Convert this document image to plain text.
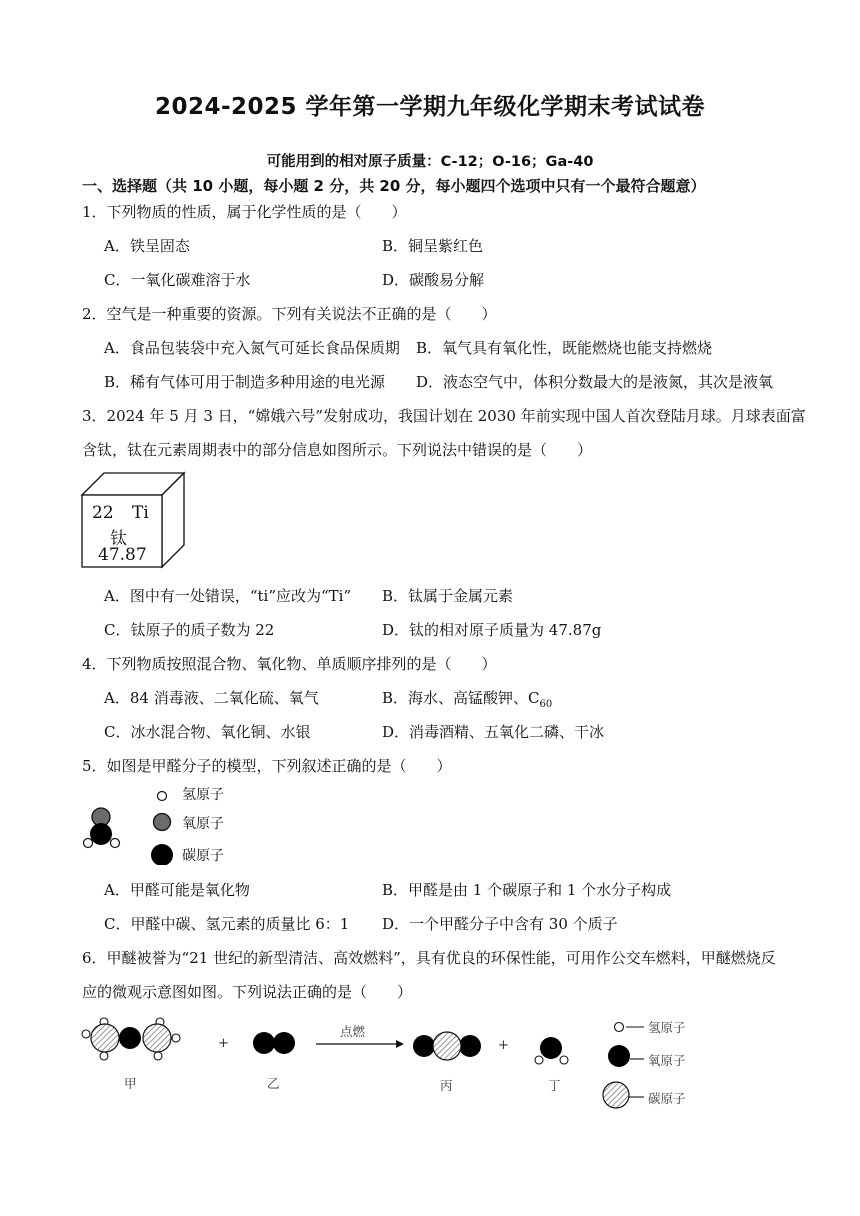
2024-2025 学年第一学期九年级化学期末考试试卷
可能用到的相对原子质量：C-12；O-16；Ga-40
一、选择题（共 10 小题，每小题 2 分，共 20 分，每小题四个选项中只有一个最符合题意）
1．下列物质的性质，属于化学性质的是（　　）
A．铁呈固态	B．铜呈紫红色
C．一氧化碳难溶于水	D．碳酸易分解
2．空气是一种重要的资源。下列有关说法不正确的是（　　）
A．食品包装袋中充入氮气可延长食品保质期 B．氧气具有氧化性，既能燃烧也能支持燃烧
B．稀有气体可用于制造多种用途的电光源 D．液态空气中，体积分数最大的是液氮，其次是液氧
3．2024 年 5 月 3 日，“嫦娥六号”发射成功，我国计划在 2030 年前实现中国人首次登陆月球。月球表面富
含钛，钛在元素周期表中的部分信息如图所示。下列说法中错误的是（　　）
22 Ti
钛
47.87
A．图中有一处错误，“ti”应改为“Ti” B．钛属于金属元素
C．钛原子的质子数为 22	D．钛的相对原子质量为 47.87g
4．下列物质按照混合物、氧化物、单质顺序排列的是（　　）
A．84 消毒液、二氧化硫、氧气	B．海水、高锰酸钾、$C_{60}$
C．冰水混合物、氧化铜、水银	D．消毒酒精、五氧化二磷、干冰
5．如图是甲醛分子的模型，下列叙述正确的是（　　）
氢原子
氧原子
碳原子
A．甲醛可能是氧化物	B．甲醛是由 1 个碳原子和 1 个水分子构成
C．甲醛中碳、氢元素的质量比 6：1 D．一个甲醛分子中含有 30 个质子
6．甲醚被誉为“21 世纪的新型清洁、高效燃料”，具有优良的环保性能，可用作公交车燃料，甲醚燃烧反
应的微观示意图如图。下列说法正确的是（　　）
+
点燃
+
甲	乙	丙	丁
氢原子
氧原子
碳原子
